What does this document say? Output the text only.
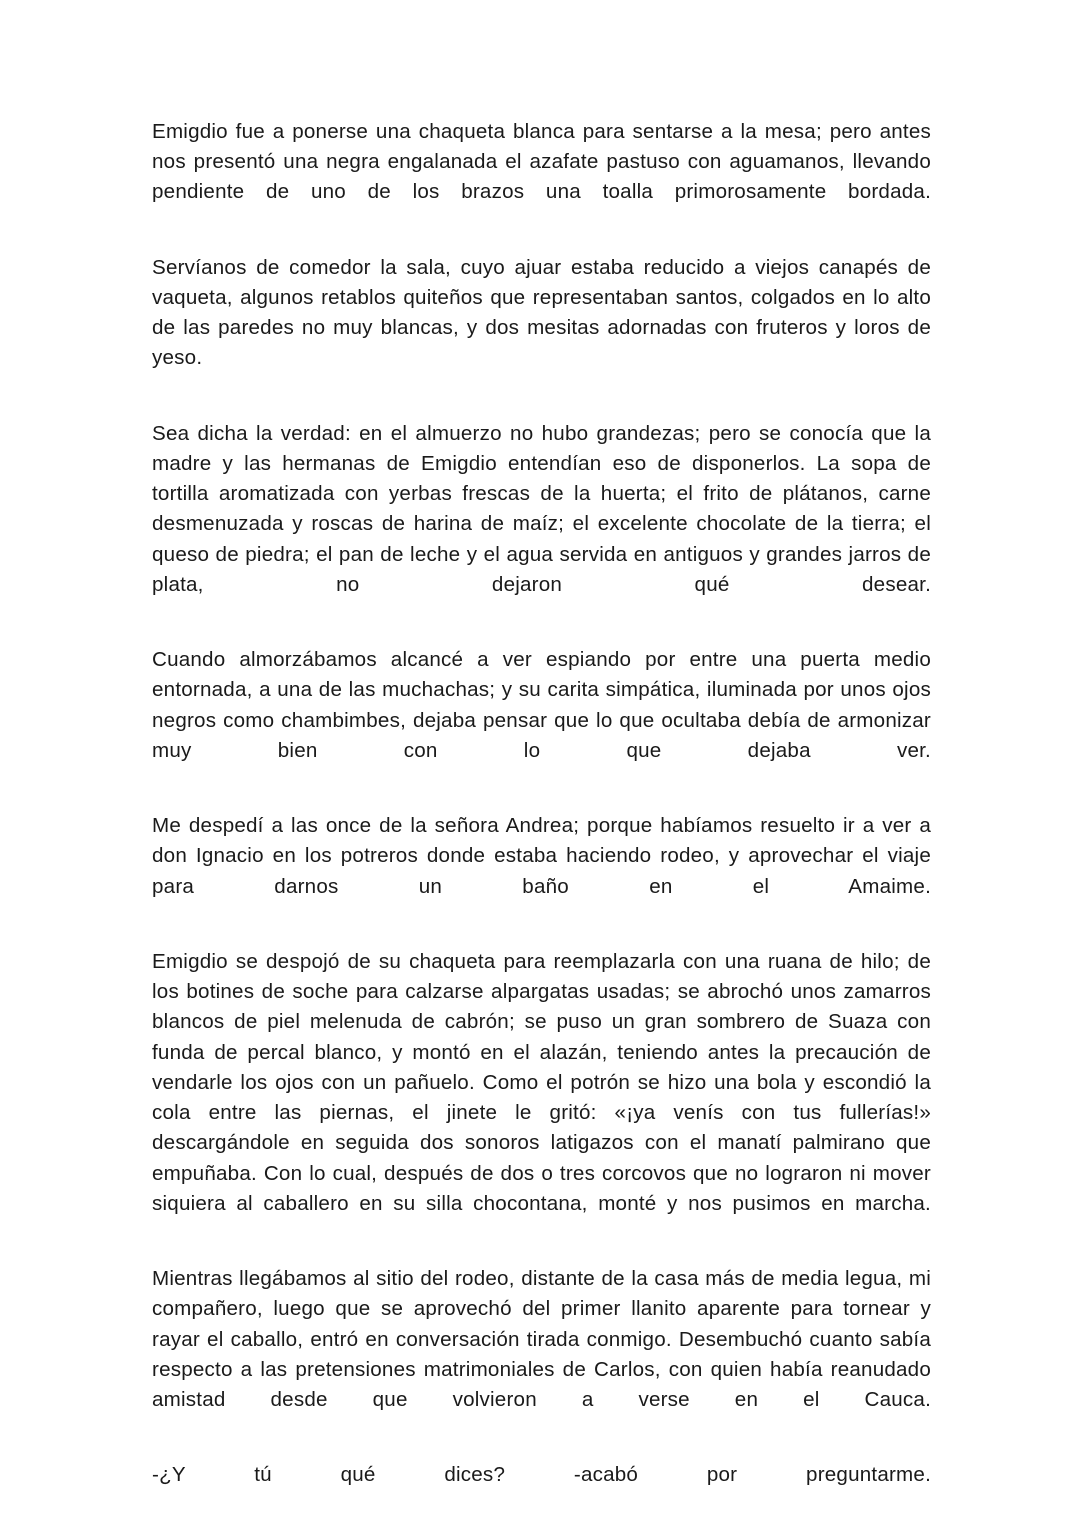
Emigdio fue a ponerse una chaqueta blanca para sentarse a la mesa; pero antes nos presentó una negra engalanada el azafate pastuso con aguamanos, llevando pendiente de uno de los brazos una toalla primorosamente bordada.

Servíanos de comedor la sala, cuyo ajuar estaba reducido a viejos canapés de vaqueta, algunos retablos quiteños que representaban santos, colgados en lo alto de las paredes no muy blancas, y dos mesitas adornadas con fruteros y loros de yeso.

Sea dicha la verdad: en el almuerzo no hubo grandezas; pero se conocía que la madre y las hermanas de Emigdio entendían eso de disponerlos. La sopa de tortilla aromatizada con yerbas frescas de la huerta; el frito de plátanos, carne desmenuzada y roscas de harina de maíz; el excelente chocolate de la tierra; el queso de piedra; el pan de leche y el agua servida en antiguos y grandes jarros de plata, no dejaron qué desear.

Cuando almorzábamos alcancé a ver espiando por entre una puerta medio entornada, a una de las muchachas; y su carita simpática, iluminada por unos ojos negros como chambimbes, dejaba pensar que lo que ocultaba debía de armonizar muy bien con lo que dejaba ver.

Me despedí a las once de la señora Andrea; porque habíamos resuelto ir a ver a don Ignacio en los potreros donde estaba haciendo rodeo, y aprovechar el viaje para darnos un baño en el Amaime.

Emigdio se despojó de su chaqueta para reemplazarla con una ruana de hilo; de los botines de soche para calzarse alpargatas usadas; se abrochó unos zamarros blancos de piel melenuda de cabrón; se puso un gran sombrero de Suaza con funda de percal blanco, y montó en el alazán, teniendo antes la precaución de vendarle los ojos con un pañuelo. Como el potrón se hizo una bola y escondió la cola entre las piernas, el jinete le gritó: «¡ya venís con tus fullerías!» descargándole en seguida dos sonoros latigazos con el manatí palmirano que empuñaba. Con lo cual, después de dos o tres corcovos que no lograron ni mover siquiera al caballero en su silla chocontana, monté y nos pusimos en marcha.

Mientras llegábamos al sitio del rodeo, distante de la casa más de media legua, mi compañero, luego que se aprovechó del primer llanito aparente para tornear y rayar el caballo, entró en conversación tirada conmigo. Desembuchó cuanto sabía respecto a las pretensiones matrimoniales de Carlos, con quien había reanudado amistad desde que volvieron a verse en el Cauca.

-¿Y tú qué dices? -acabó por preguntarme.
